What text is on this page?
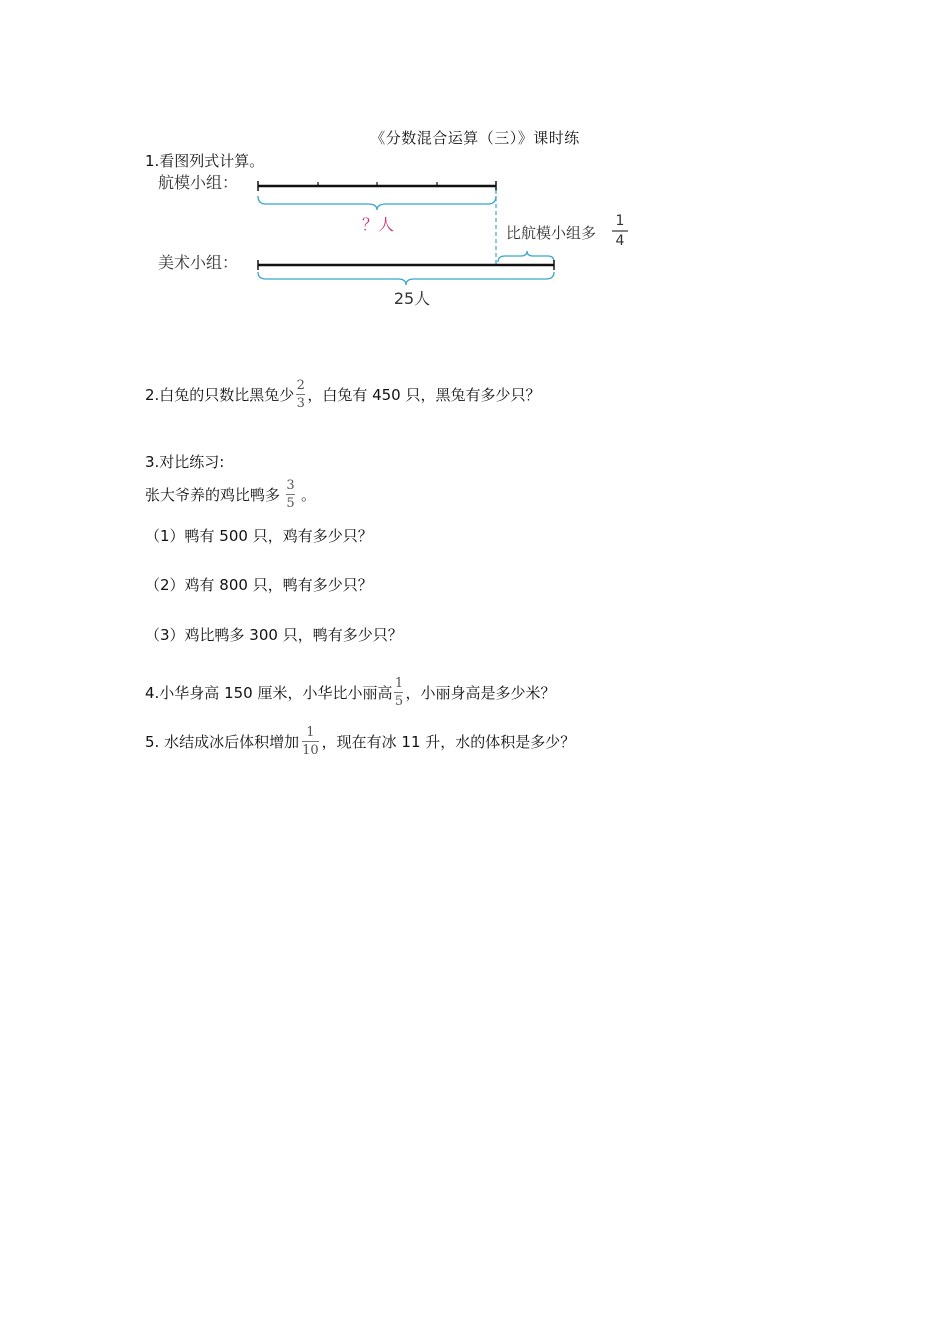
《分数混合运算（三）》课时练
1.看图列式计算。
航模小组：
？人	比航模小组多
1
4
美术小组：
25人
2.白兔的只数比黑兔少 $\frac{2}{3}$ ，白兔有 450 只，黑兔有多少只？
3.对比练习:
张大爷养的鸡比鸭多 $\frac{3}{5}$ 。
（1）鸭有 500 只，鸡有多少只？
（2）鸡有 800 只，鸭有多少只？
（3）鸡比鸭多 300 只，鸭有多少只？
4.小华身高 150 厘米，小华比小丽高 $\frac{1}{5}$ ，小丽身高是多少米？
5. 水结成冰后体积增加 $\frac{1}{10}$ ，现在有冰 11 升，水的体积是多少？
